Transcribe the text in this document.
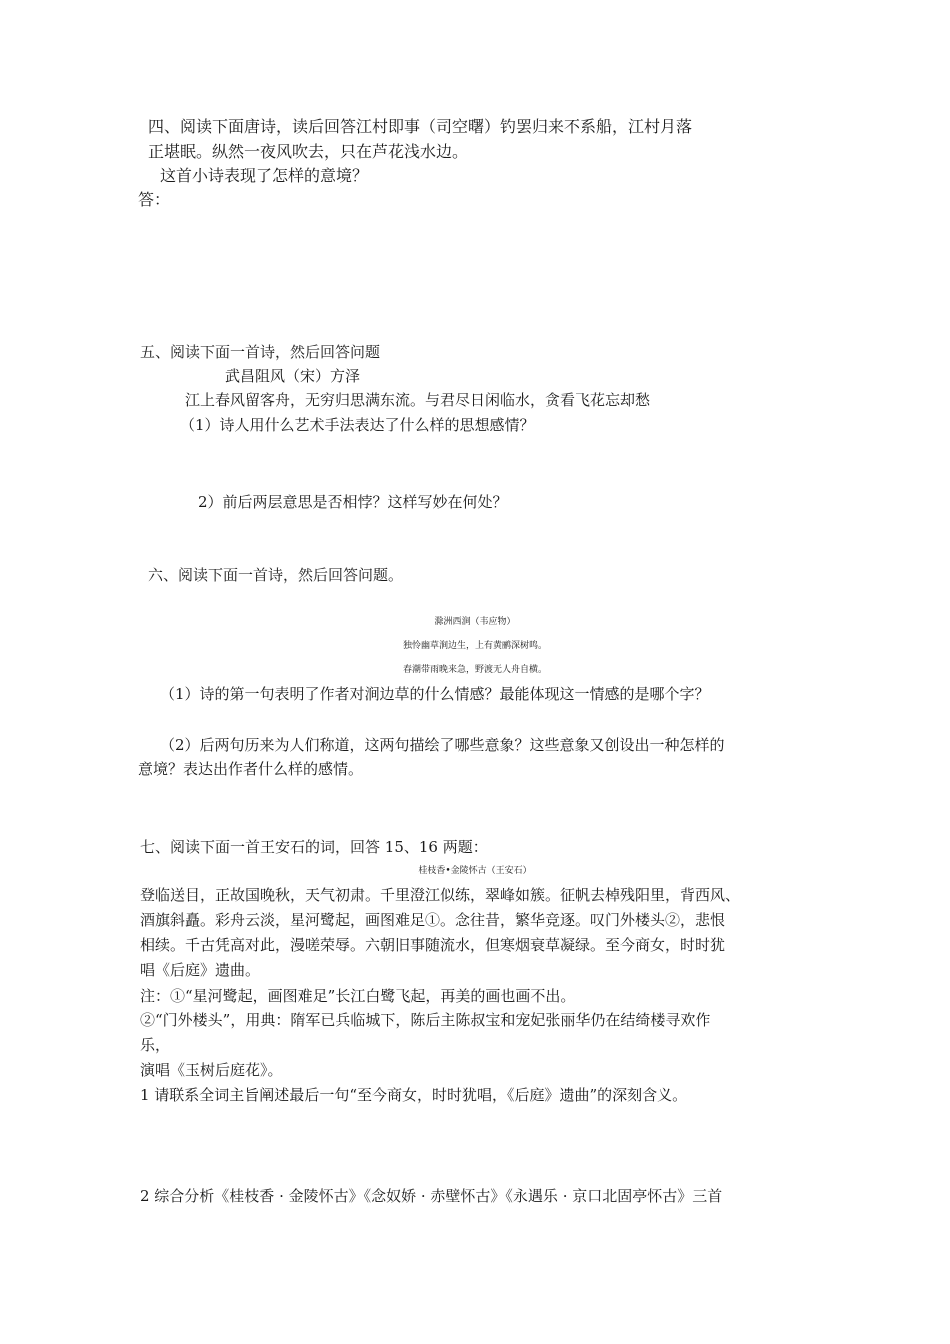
四、阅读下面唐诗，读后回答江村即事（司空曙）钓罢归来不系船，江村月落
正堪眠。纵然一夜风吹去，只在芦花浅水边。
这首小诗表现了怎样的意境？
答：
五、阅读下面一首诗，然后回答问题
武昌阻风（宋）方泽
江上春风留客舟，无穷归思满东流。与君尽日闲临水，贪看飞花忘却愁
（1）诗人用什么艺术手法表达了什么样的思想感情？
2）前后两层意思是否相悖？这样写妙在何处？
六、阅读下面一首诗，然后回答问题。
滁洲西涧（韦应物）
独怜幽草涧边生，上有黄鹂深树鸣。
春潮带雨晚来急，野渡无人舟自横。
（1）诗的第一句表明了作者对涧边草的什么情感？最能体现这一情感的是哪个字？
（2）后两句历来为人们称道，这两句描绘了哪些意象？这些意象又创设出一种怎样的
意境？表达出作者什么样的感情。
七、阅读下面一首王安石的词，回答 15、16 两题：
桂枝香•金陵怀古（王安石）
登临送目，正故国晚秋，天气初肃。千里澄江似练，翠峰如簇。征帆去棹残阳里，背西风、
酒旗斜矗。彩舟云淡，星河鹭起，画图难足①。念往昔，繁华竞逐。叹门外楼头②，悲恨
相续。千古凭高对此，漫嗟荣辱。六朝旧事随流水，但寒烟衰草凝绿。至今商女，时时犹
唱《后庭》遗曲。
注：①“星河鹭起，画图难足”长江白鹭飞起，再美的画也画不出。
②“门外楼头”，用典：隋军已兵临城下，陈后主陈叔宝和宠妃张丽华仍在结绮楼寻欢作
乐，
演唱《玉树后庭花》。
1 请联系全词主旨阐述最后一句“至今商女，时时犹唱，《后庭》遗曲”的深刻含义。
2 综合分析《桂枝香 · 金陵怀古》《念奴娇 · 赤壁怀古》《永遇乐 · 京口北固亭怀古》三首
